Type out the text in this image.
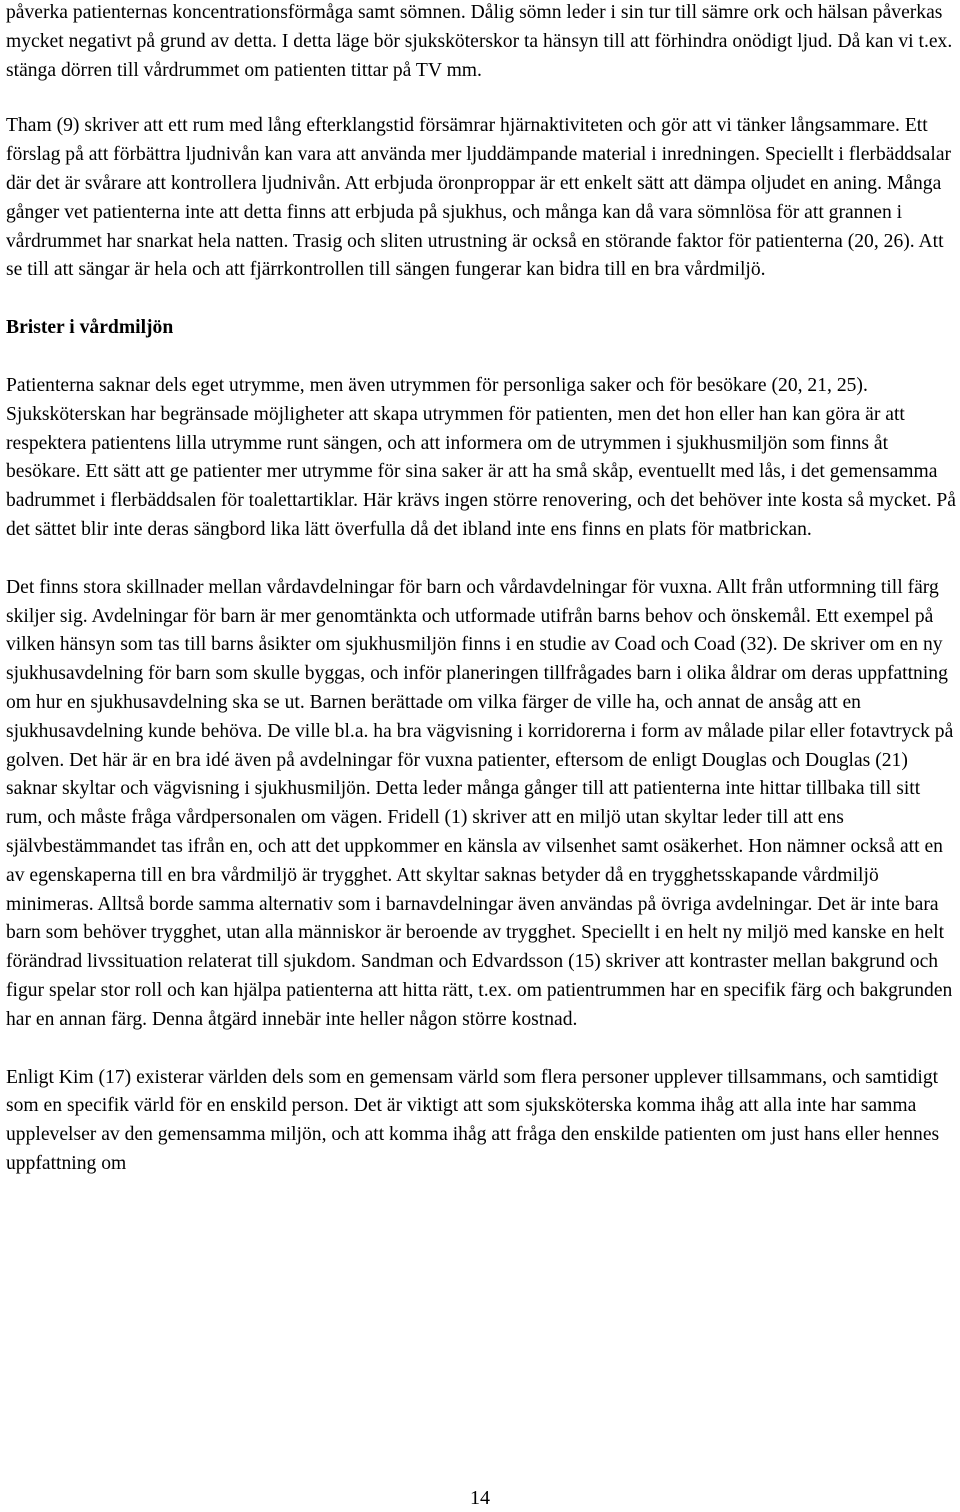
påverka patienternas koncentrationsförmåga samt sömnen. Dålig sömn leder i sin tur till sämre ork och hälsan påverkas mycket negativt på grund av detta. I detta läge bör sjuksköterskor ta hänsyn till att förhindra onödigt ljud. Då kan vi t.ex. stänga dörren till vårdrummet om patienten tittar på TV mm.

Tham (9) skriver att ett rum med lång efterklangstid försämrar hjärnaktiviteten och gör att vi tänker långsammare. Ett förslag på att förbättra ljudnivån kan vara att använda mer ljuddämpande material i inredningen. Speciellt i flerbäddsalar där det är svårare att kontrollera ljudnivån. Att erbjuda öronproppar är ett enkelt sätt att dämpa oljudet en aning. Många gånger vet patienterna inte att detta finns att erbjuda på sjukhus, och många kan då vara sömnlösa för att grannen i vårdrummet har snarkat hela natten. Trasig och sliten utrustning är också en störande faktor för patienterna (20, 26). Att se till att sängar är hela och att fjärrkontrollen till sängen fungerar kan bidra till en bra vårdmiljö.

Brister i vårdmiljön

Patienterna saknar dels eget utrymme, men även utrymmen för personliga saker och för besökare (20, 21, 25). Sjuksköterskan har begränsade möjligheter att skapa utrymmen för patienten, men det hon eller han kan göra är att respektera patientens lilla utrymme runt sängen, och att informera om de utrymmen i sjukhusmiljön som finns åt besökare. Ett sätt att ge patienter mer utrymme för sina saker är att ha små skåp, eventuellt med lås, i det gemensamma badrummet i flerbäddsalen för toalettartiklar. Här krävs ingen större renovering, och det behöver inte kosta så mycket. På det sättet blir inte deras sängbord lika lätt överfulla då det ibland inte ens finns en plats för matbrickan.

Det finns stora skillnader mellan vårdavdelningar för barn och vårdavdelningar för vuxna. Allt från utformning till färg skiljer sig. Avdelningar för barn är mer genomtänkta och utformade utifrån barns behov och önskemål. Ett exempel på vilken hänsyn som tas till barns åsikter om sjukhusmiljön finns i en studie av Coad och Coad (32). De skriver om en ny sjukhusavdelning för barn som skulle byggas, och inför planeringen tillfrågades barn i olika åldrar om deras uppfattning om hur en sjukhusavdelning ska se ut. Barnen berättade om vilka färger de ville ha, och annat de ansåg att en sjukhusavdelning kunde behöva. De ville bl.a. ha bra vägvisning i korridorerna i form av målade pilar eller fotavtryck på golven. Det här är en bra idé även på avdelningar för vuxna patienter, eftersom de enligt Douglas och Douglas (21) saknar skyltar och vägvisning i sjukhusmiljön. Detta leder många gånger till att patienterna inte hittar tillbaka till sitt rum, och måste fråga vårdpersonalen om vägen. Fridell (1) skriver att en miljö utan skyltar leder till att ens självbestämmandet tas ifrån en, och att det uppkommer en känsla av vilsenhet samt osäkerhet. Hon nämner också att en av egenskaperna till en bra vårdmiljö är trygghet. Att skyltar saknas betyder då en trygghetsskapande vårdmiljö minimeras. Alltså borde samma alternativ som i barnavdelningar även användas på övriga avdelningar. Det är inte bara barn som behöver trygghet, utan alla människor är beroende av trygghet. Speciellt i en helt ny miljö med kanske en helt förändrad livssituation relaterat till sjukdom. Sandman och Edvardsson (15) skriver att kontraster mellan bakgrund och figur spelar stor roll och kan hjälpa patienterna att hitta rätt, t.ex. om patientrummen har en specifik färg och bakgrunden har en annan färg. Denna åtgärd innebär inte heller någon större kostnad.

Enligt Kim (17) existerar världen dels som en gemensam värld som flera personer upplever tillsammans, och samtidigt som en specifik värld för en enskild person. Det är viktigt att som sjuksköterska komma ihåg att alla inte har samma upplevelser av den gemensamma miljön, och att komma ihåg att fråga den enskilde patienten om just hans eller hennes uppfattning om

14
